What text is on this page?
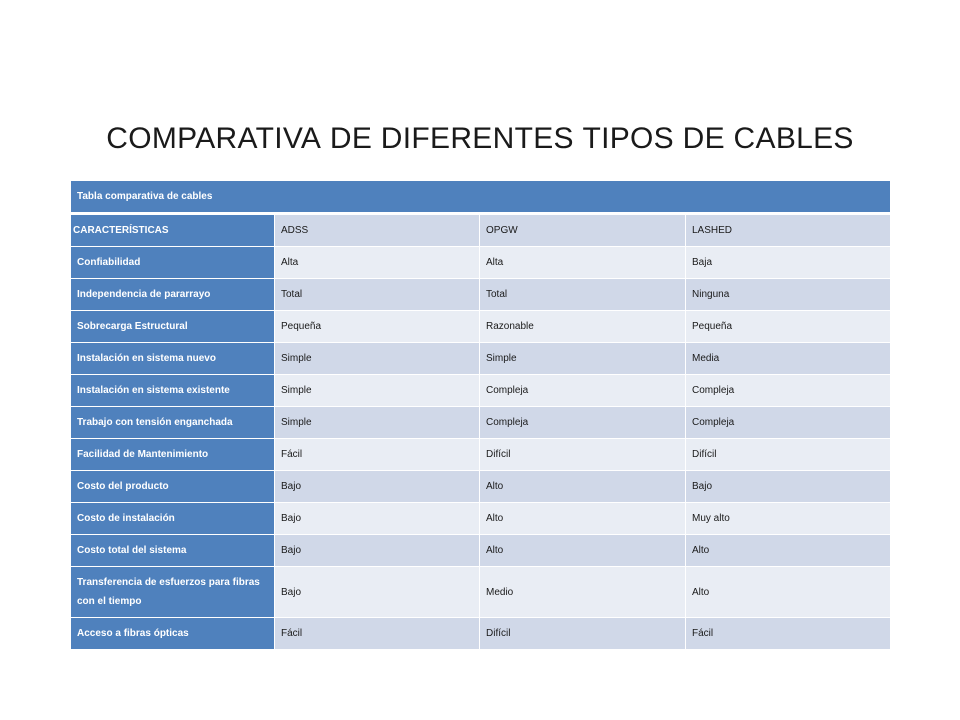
COMPARATIVA DE DIFERENTES TIPOS DE CABLES
Tabla comparativa de cables			
CARACTERÍSTICAS	ADSS	OPGW	LASHED
Confiabilidad	Alta	Alta	Baja
Independencia de pararrayo	Total	Total	Ninguna
Sobrecarga Estructural	Pequeña	Razonable	Pequeña
Instalación en sistema nuevo	Simple	Simple	Media
Instalación en sistema existente	Simple	Compleja	Compleja
Trabajo con tensión enganchada	Simple	Compleja	Compleja
Facilidad de Mantenimiento	Fácil	Difícil	Difícil
Costo del producto	Bajo	Alto	Bajo
Costo de instalación	Bajo	Alto	Muy alto
Costo total del sistema	Bajo	Alto	Alto
Transferencia de esfuerzos para fibras con el tiempo	Bajo	Medio	Alto
Acceso a fibras ópticas	Fácil	Difícil	Fácil
